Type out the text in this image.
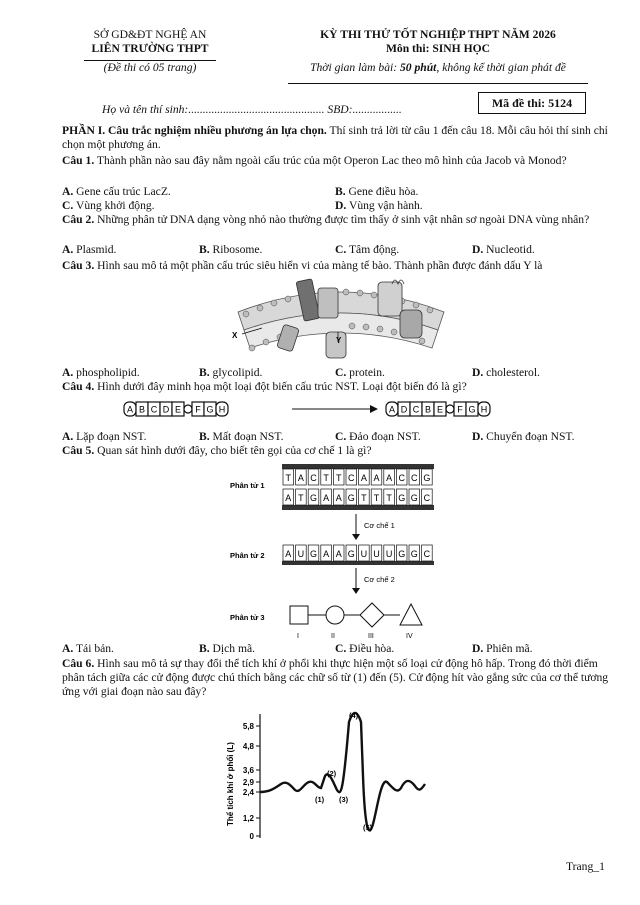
SỞ GD&ĐT NGHỆ AN
LIÊN TRƯỜNG THPT
(Đề thi có 05 trang)
KỲ THI THỬ TỐT NGHIỆP THPT NĂM 2026
Môn thi: SINH HỌC
Thời gian làm bài: 50 phút, không kể thời gian phát đề
Họ và tên thí sinh:............................................... SBD:.................	Mã đề thi: 5124
PHẦN I. Câu trắc nghiệm nhiều phương án lựa chọn. Thí sinh trả lời từ câu 1 đến câu 18. Mỗi câu hỏi thí sinh chỉ chọn một phương án.
Câu 1. Thành phần nào sau đây nằm ngoài cấu trúc của một Operon Lac theo mô hình của Jacob và Monod?
A. Gene cấu trúc LacZ.	B. Gene điều hòa.
C. Vùng khởi động.	D. Vùng vận hành.
Câu 2. Những phân tử DNA dạng vòng nhỏ nào thường được tìm thấy ở sinh vật nhân sơ ngoài DNA vùng nhân?
A. Plasmid.	B. Ribosome.	C. Tâm động.	D. Nucleotid.
Câu 3. Hình sau mô tả một phần cấu trúc siêu hiển vi của màng tế bào. Thành phần được đánh dấu Y là
X
Y
A. phospholipid.	B. glycolipid.	C. protein.	D. cholesterol.
Câu 4. Hình dưới đây minh họa một loại đột biến cấu trúc NST. Loại đột biến đó là gì?
A B C D E F G H	A D C B E F G H
A. Lặp đoạn NST.	B. Mất đoạn NST.	C. Đảo đoạn NST.	D. Chuyển đoạn NST.
Câu 5. Quan sát hình dưới đây, cho biết tên gọi của cơ chế 1 là gì?
Phân tử 1
T A C T T C A A A C C G
A T G A A G T T T G G C
Cơ chế 1
Phân tử 2 A U G A A G U U U G G C
Cơ chế 2
Phân tử 3
I	II	III	IV
A. Tái bản.	B. Dịch mã.	C. Điều hòa.	D. Phiên mã.
Câu 6. Hình sau mô tả sự thay đổi thể tích khí ở phổi khi thực hiện một số loại cử động hô hấp. Trong đó thời điểm phân tách giữa các cử động được chú thích bằng các chữ số từ (1) đến (5). Cử động hít vào gắng sức của cơ thể tương ứng với giai đoạn nào sau đây?
Thể tích khí ở phổi (L)
5,8
4,8
3,6
2,9
2,4
1,2
0
(2)
(1) (3)
(4)
(5)
Trang_1
